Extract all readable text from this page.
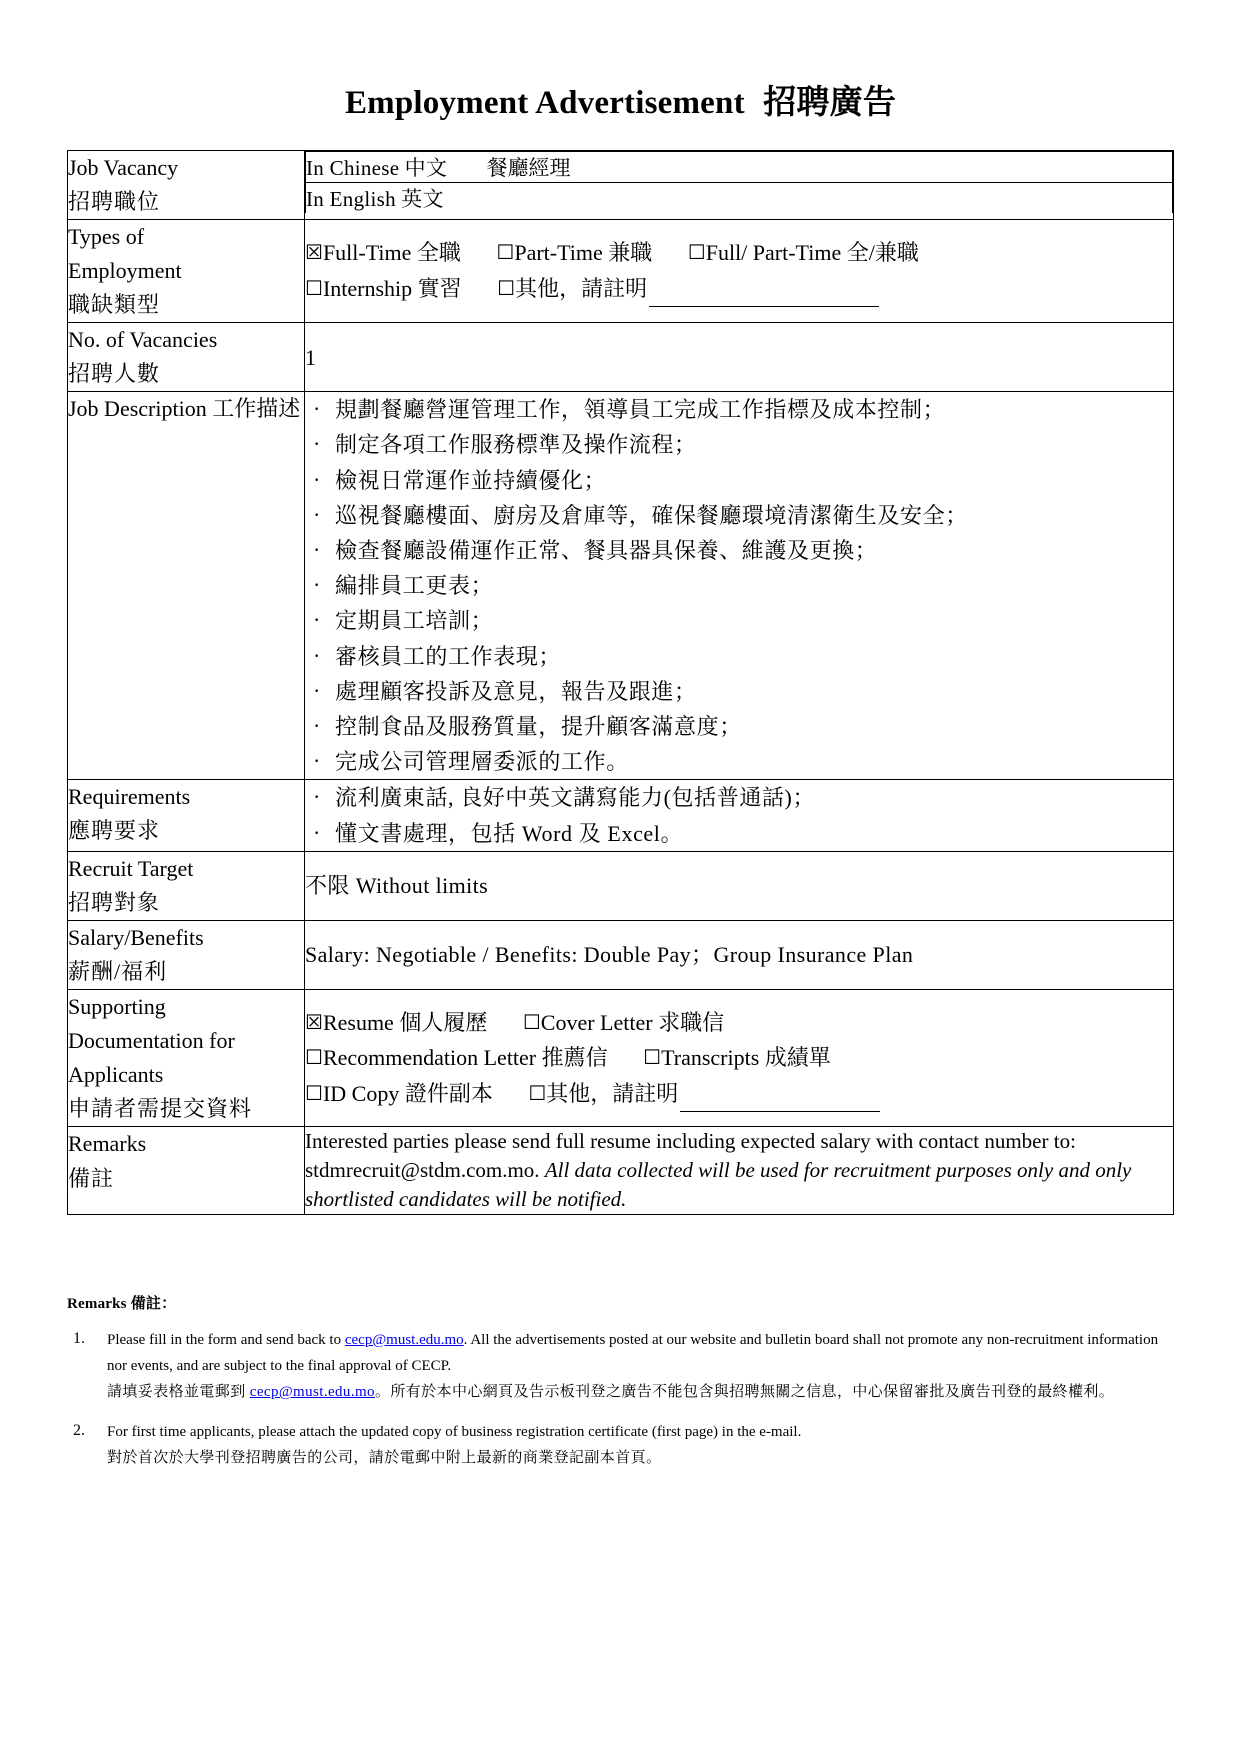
Employment Advertisement 招聘廣告
Job Vacancy
招聘職位

In Chinese 中文 餐廳經理
In English 英文

Types of
Employment
職缺類型

☒Full-Time 全職 ☐Part-Time 兼職 ☐Full/ Part-Time 全/兼職
☐Internship 實習 ☐其他，請註明

No. of Vacancies
招聘人數
	1
Job Description 工作描述	
·規劃餐廳營運管理工作，領導員工完成工作指標及成本控制；
· 制定各項工作服務標準及操作流程；
· 檢視日常運作並持續優化；
· 巡視餐廳樓面、廚房及倉庫等，確保餐廳環境清潔衛生及安全；
· 檢查餐廳設備運作正常、餐具器具保養、維護及更換；
· 編排員工更表；
· 定期員工培訓；
· 審核員工的工作表現；
· 處理顧客投訴及意見，報告及跟進；
· 控制食品及服務質量，提升顧客滿意度；
· 完成公司管理層委派的工作。

Requirements
應聘要求

· 流利廣東話, 良好中英文講寫能力(包括普通話)；
· 懂文書處理，包括 Word 及 Excel。

Recruit Target
招聘對象
	不限 Without limits

Salary/Benefits
薪酬/福利
	Salary: Negotiable / Benefits: Double Pay；Group Insurance Plan

Supporting
Documentation for
Applicants
申請者需提交資料

☒Resume 個人履歷 ☐Cover Letter 求職信
☐Recommendation Letter 推薦信 ☐Transcripts 成績單
☐ID Copy 證件副本 ☐其他，請註明

Remarks
備註

Interested parties please send full resume including expected salary with contact number to: stdmrecruit@stdm.com.mo. All data collected will be used for recruitment purposes only and only shortlisted candidates will be notified.

Remarks 備註：
1.	Please fill in the form and send back to cecp@must.edu.mo. All the advertisements posted at our website and bulletin board shall not promote any non-recruitment information nor events, and are subject to the final approval of CECP.
請填妥表格並電郵到 cecp@must.edu.mo。所有於本中心網頁及告示板刊登之廣告不能包含與招聘無關之信息，中心保留審批及廣告刊登的最終權利。
2.	For first time applicants, please attach the updated copy of business registration certificate (first page) in the e-mail.
對於首次於大學刊登招聘廣告的公司，請於電郵中附上最新的商業登記副本首頁。
